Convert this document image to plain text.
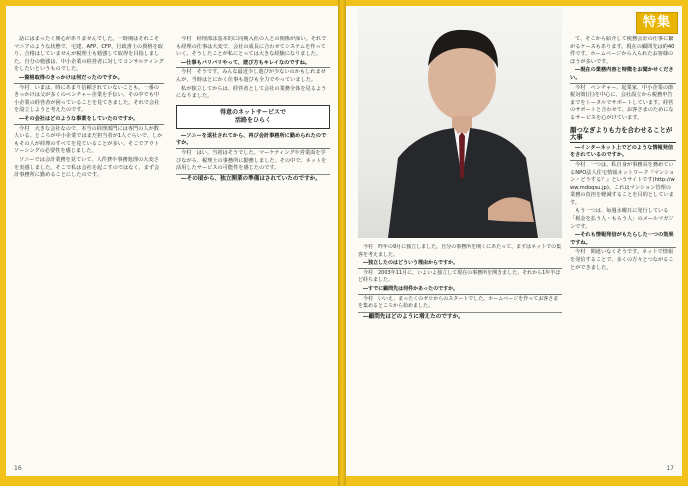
話にはまったく関心がありませんでした。一時期はそれこそマニアのような状態で、宅建、AFP、CFP、行政書士の資格を取り、合格はしていませんが税理士も勉強して取得を目指しました。自分の勉強は、中小企業の経営者に対してコンサルティングをしたいというものでした。

―資格取得のきっかけは何だったのですか。

今村　いまは、時にあまり信頼されていないことも。一番のきっかけは父が多くのベンチャー企業を手伝い、その中でも中小企業の経営者が困っていることを見てきました。それで会社を設立しようと考えたのです。

―その会社はどのような事業をしていたのですか。

今村　大きな会社なので、本当の経理部門には専門の人が数人いる。ところが中小企業ではまだ担当者が1人ぐらいで、しかもその人が経理のすべてを見ていることが多い。そこでアウトソーシングの必要性を感じました。

ソニーでは会計業務を見ていて、人件費や事務処理の大変さを実感しました。そこで私は会社を起こすのではなく、まず会計事務所に勤めることにしたのです。

今村　経理部は基本的に同期入社の人との関係が深い。それでも経理の仕事は大変で、会社の成長に合わせてシステムを作っていく。そうしたことが私にとっては大きな経験になりました。

―仕事もバリバリやって、遊び方もキレイなのですね。

今村　そうです。みんな最近少し遊びが少ないのかもしれませんが、当時はとにかく仕事も遊びも全力でやっていました。

私が独立してからは、経営者として会社の業務全体を見るようになりました。

得意のネットサービスで
活路をひらく

―ソニーを退社されてから、再び会計事務所に勤められたのですか。

今村　はい。当初はそうでした。マーケティングや営業面を学びながら、税理士の事務所に勤務しました。その中で、ネットを活用したサービスの可能性を感じたのです。

―その頃から、独立開業の準備はされていたのですか。

16
特集

今村　昨年の9月に独立しました。自分の事務所を開くにあたって、まずはネットでの集客を考えました。

―独立したのはどういう理由からですか。

今村　2003年11月に、いよいよ独立して現在の事務所を開きました。それから1年半ほど経ちました。

―すでに顧問先は何件かあったのですか。

今村　いいえ、まったくのゼロからのスタートでした。ホームページを作ってお客さまを集めるところから始めました。

―顧問先はどのように増えたのですか。

て、そこから紹介して税務会計の仕事に繋がるケースもあります。現在の顧問先は約40件です。ホームページから入られたお客様のほうが多いです。

―現在の業務内容と特徴をお聞かせください。

今村　ベンチャー、起業家、中小企業の節税対策(注)を中心に、会社設立から税務申告までをトータルでサポートしています。経営のサポートと合わせて、お客さまのためになるサービスを心がけています。

顔つなぎよりも力を合わせることが大事

―インターネット上でどのような情報発信をされているのですか。

今村　一つは、私自身が事務長を務めているNPO法人住宅情報ネットワーク『マンション・どうする？』というサイトです(http://www.mdoqsu.jp)。これはマンション管理の業務の負担を軽減することを目的としています。

もう一つは、毎週水曜日に発行している「税金を払う人・もらう人」のメールマガジンです。

―それも情報発信がもたらした一つの効果ですね。

今村　間違いなくそうです。ネットで情報を発信することで、多くの方々とつながることができました。

17
